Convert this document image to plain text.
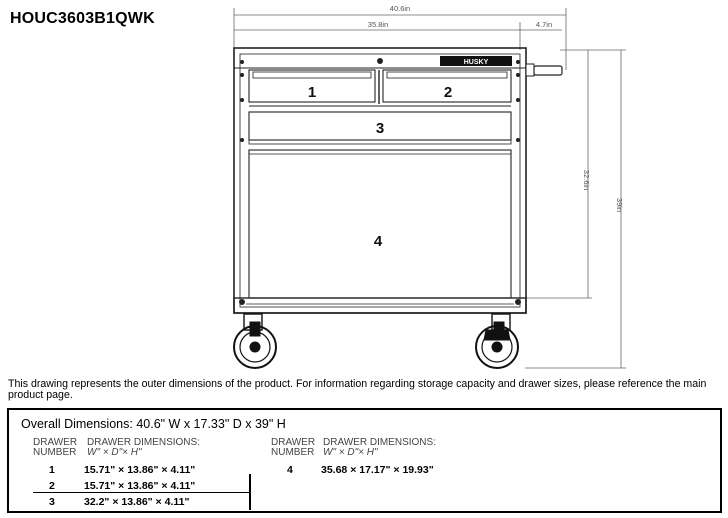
HOUC3603B1QWK
40.6in
35.8in	4.7in
32.6in
39in
HUSKY
1	2
3
4
This drawing represents the outer dimensions of the product. For information regarding storage capacity and drawer sizes, please reference the main product page.
Overall Dimensions: 40.6" W x 17.33" D x 39" H
DRAWER
NUMBER
DRAWER DIMENSIONS:
W" × D"× H"
DRAWER
NUMBER
DRAWER DIMENSIONS:
W" × D"× H"
1	15.71" × 13.86" × 4.11"
2	15.71" × 13.86" × 4.11"
3	32.2" × 13.86" × 4.11"
4	35.68 × 17.17" × 19.93"
